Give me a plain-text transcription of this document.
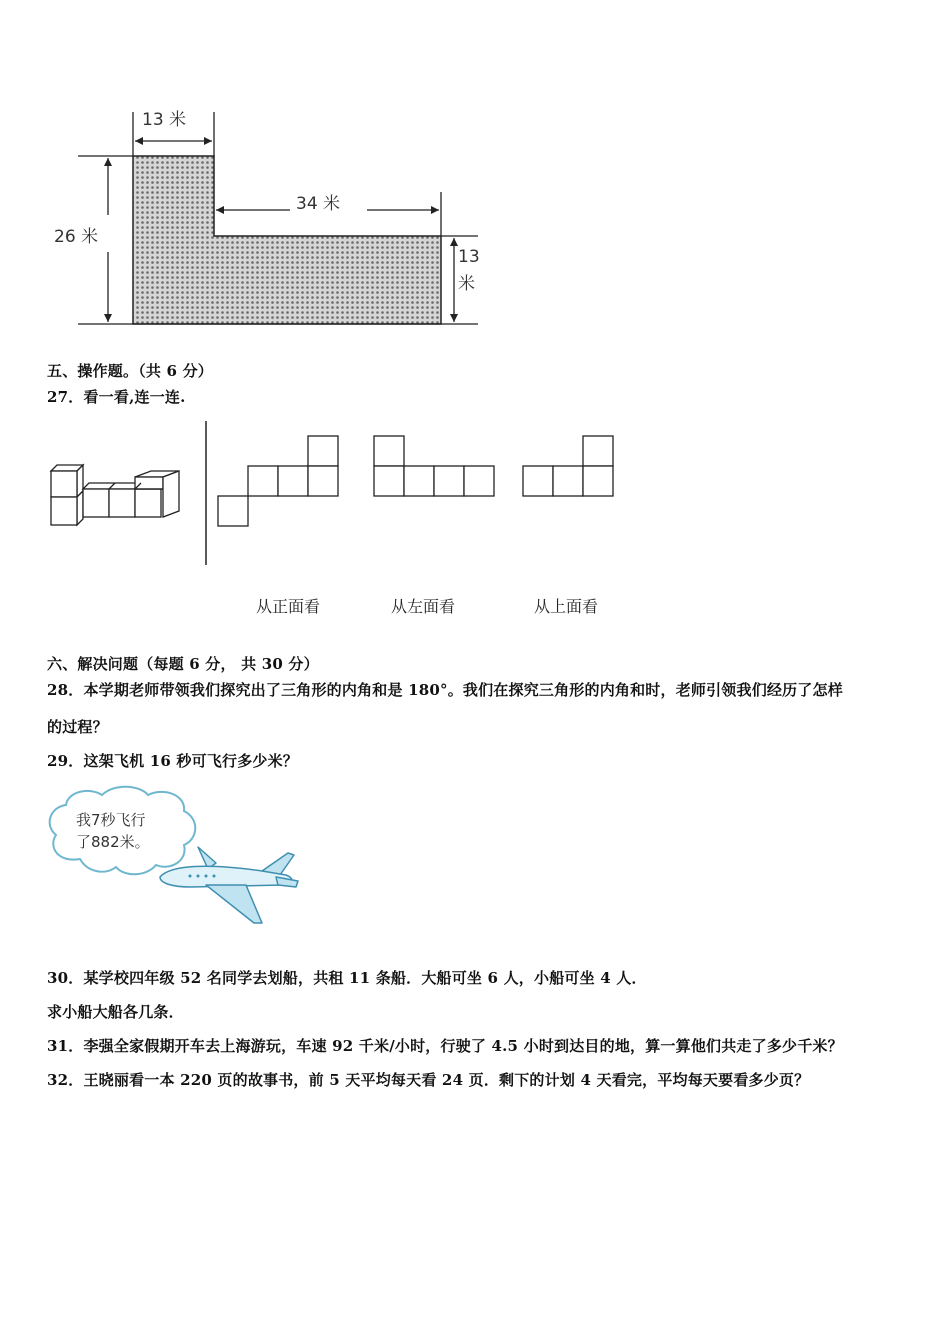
13 米
34 米
26 米
13
米
五、操作题。（共 6 分）
27．看一看,连一连.
从正面看	从左面看	从上面看
六、解决问题（每题 6 分， 共 30 分）
28．本学期老师带领我们探究出了三角形的内角和是 180°。我们在探究三角形的内角和时，老师引领我们经历了怎样
的过程？
29．这架飞机 16 秒可飞行多少米？
我7秒飞行
了882米。
30．某学校四年级 52 名同学去划船，共租 11 条船．大船可坐 6 人，小船可坐 4 人．
求小船大船各几条．
31．李强全家假期开车去上海游玩，车速 92 千米/小时，行驶了 4.5 小时到达目的地，算一算他们共走了多少千米？
32．王晓丽看一本 220 页的故事书，前 5 天平均每天看 24 页．剩下的计划 4 天看完，平均每天要看多少页？
